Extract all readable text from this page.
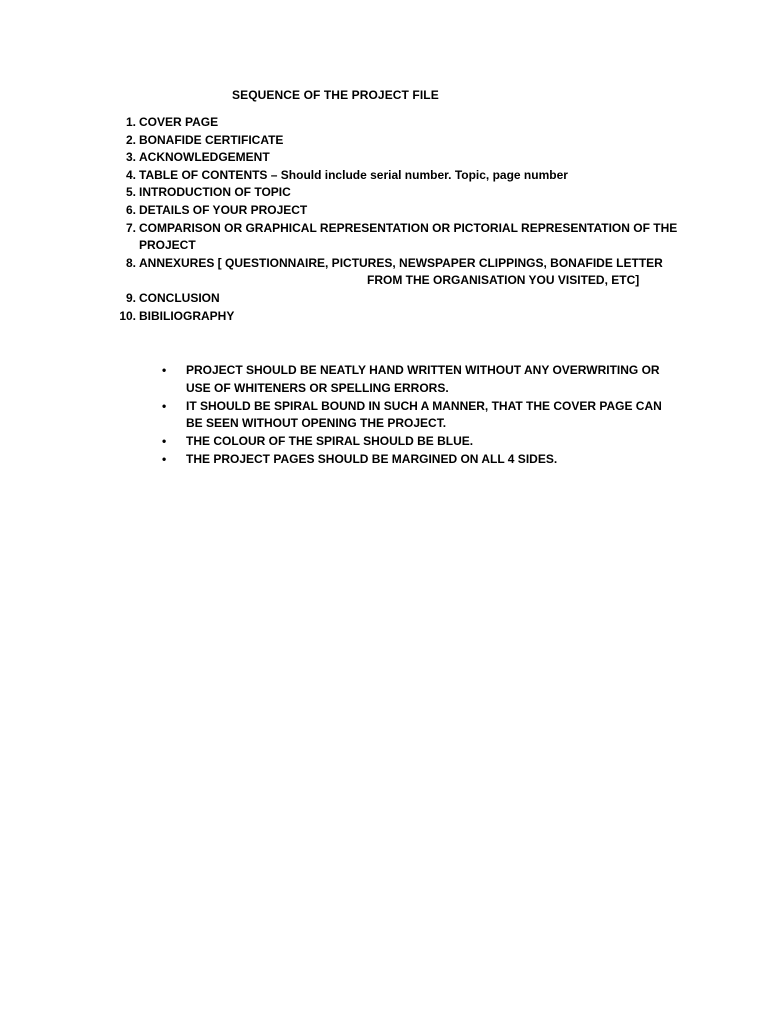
SEQUENCE OF THE PROJECT FILE
1. COVER PAGE
2. BONAFIDE CERTIFICATE
3. ACKNOWLEDGEMENT
4. TABLE OF CONTENTS – Should include serial number. Topic, page number
5. INTRODUCTION OF TOPIC
6. DETAILS OF YOUR PROJECT
7. COMPARISON OR GRAPHICAL REPRESENTATION OR PICTORIAL REPRESENTATION OF THE PROJECT
8. ANNEXURES [ QUESTIONNAIRE, PICTURES, NEWSPAPER CLIPPINGS, BONAFIDE LETTER
FROM THE ORGANISATION YOU VISITED, ETC]
9. CONCLUSION
10. BIBILIOGRAPHY
• PROJECT SHOULD BE NEATLY HAND WRITTEN WITHOUT ANY OVERWRITING OR USE OF WHITENERS OR SPELLING ERRORS.
• IT SHOULD BE SPIRAL BOUND IN SUCH A MANNER, THAT THE COVER PAGE CAN BE SEEN WITHOUT OPENING THE PROJECT.
• THE COLOUR OF THE SPIRAL SHOULD BE BLUE.
• THE PROJECT PAGES SHOULD BE MARGINED ON ALL 4 SIDES.
